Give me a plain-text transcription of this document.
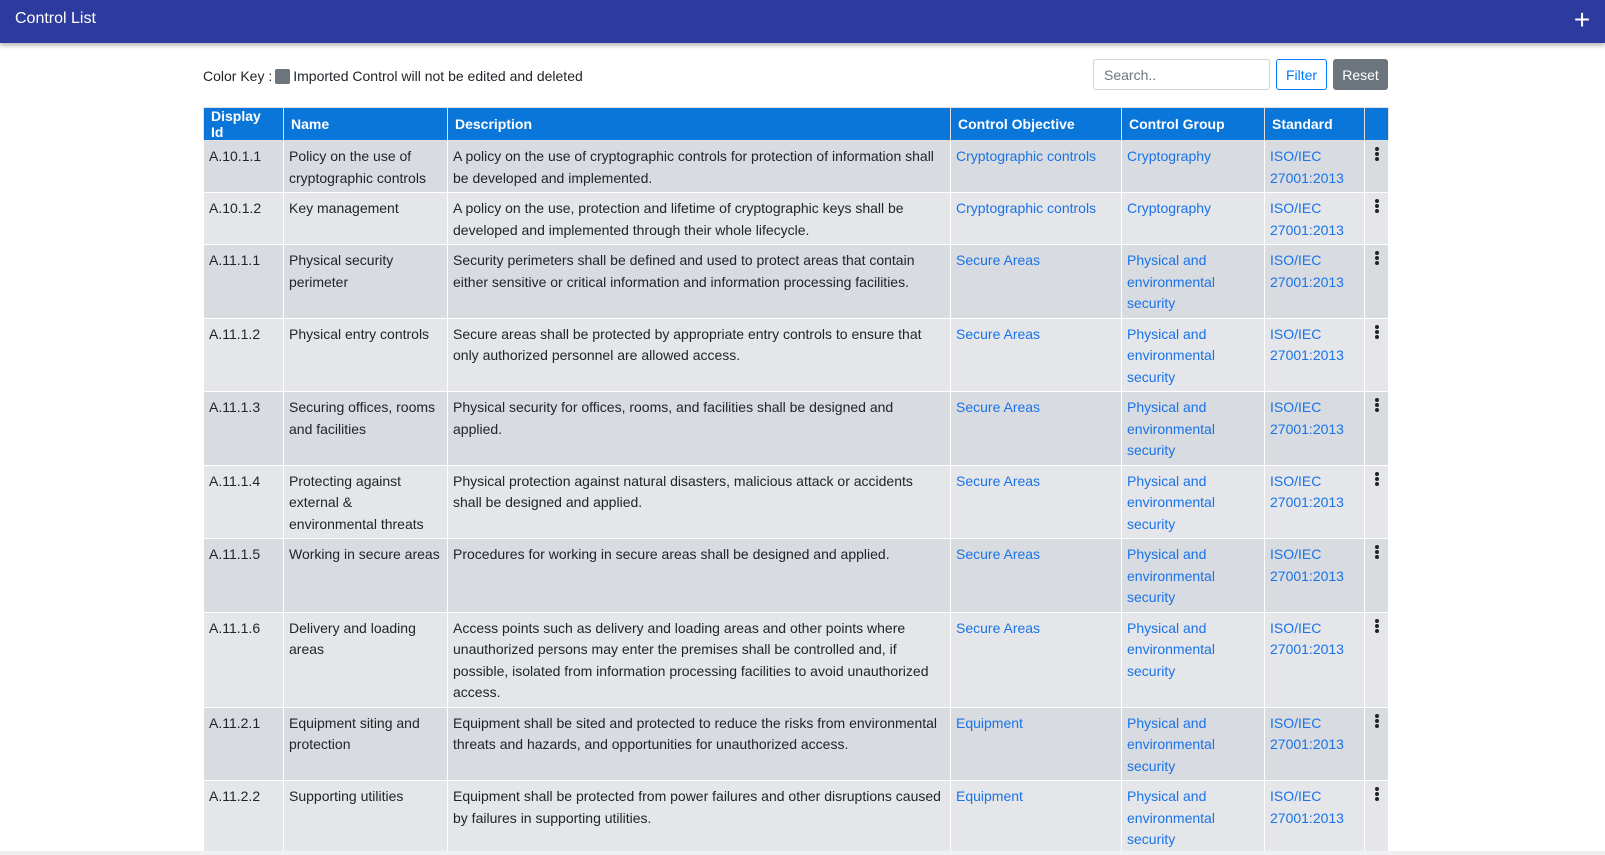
Control List	+
Color Key : Imported Control will not be edited and deleted
Search..	Filter	Reset
Display Id	Name	Description	Control Objective	Control Group	Standard	
A.10.1.1	Policy on the use of cryptographic controls	A policy on the use of cryptographic controls for protection of information shall be developed and implemented.	Cryptographic controls	Cryptography	ISO/IEC 27001:2013	

A.10.1.2	Key management	A policy on the use, protection and lifetime of cryptographic keys shall be developed and implemented through their whole lifecycle.	Cryptographic controls	Cryptography	ISO/IEC 27001:2013	

A.11.1.1	Physical security perimeter	Security perimeters shall be defined and used to protect areas that contain either sensitive or critical information and information processing facilities.	Secure Areas	Physical and environmental security	ISO/IEC 27001:2013	

A.11.1.2	Physical entry controls	Secure areas shall be protected by appropriate entry controls to ensure that only authorized personnel are allowed access.	Secure Areas	Physical and environmental security	ISO/IEC 27001:2013	

A.11.1.3	Securing offices, rooms and facilities	Physical security for offices, rooms, and facilities shall be designed and applied.	Secure Areas	Physical and environmental security	ISO/IEC 27001:2013	

A.11.1.4	Protecting against external & environmental threats	Physical protection against natural disasters, malicious attack or accidents shall be designed and applied.	Secure Areas	Physical and environmental security	ISO/IEC 27001:2013	

A.11.1.5	Working in secure areas	Procedures for working in secure areas shall be designed and applied.	Secure Areas	Physical and environmental security	ISO/IEC 27001:2013	

A.11.1.6	Delivery and loading areas	Access points such as delivery and loading areas and other points where unauthorized persons may enter the premises shall be controlled and, if possible, isolated from information processing facilities to avoid unauthorized access.	Secure Areas	Physical and environmental security	ISO/IEC 27001:2013	

A.11.2.1	Equipment siting and protection	Equipment shall be sited and protected to reduce the risks from environmental threats and hazards, and opportunities for unauthorized access.	Equipment	Physical and environmental security	ISO/IEC 27001:2013	

A.11.2.2	Supporting utilities	Equipment shall be protected from power failures and other disruptions caused by failures in supporting utilities.	Equipment	Physical and environmental security	ISO/IEC 27001:2013	
